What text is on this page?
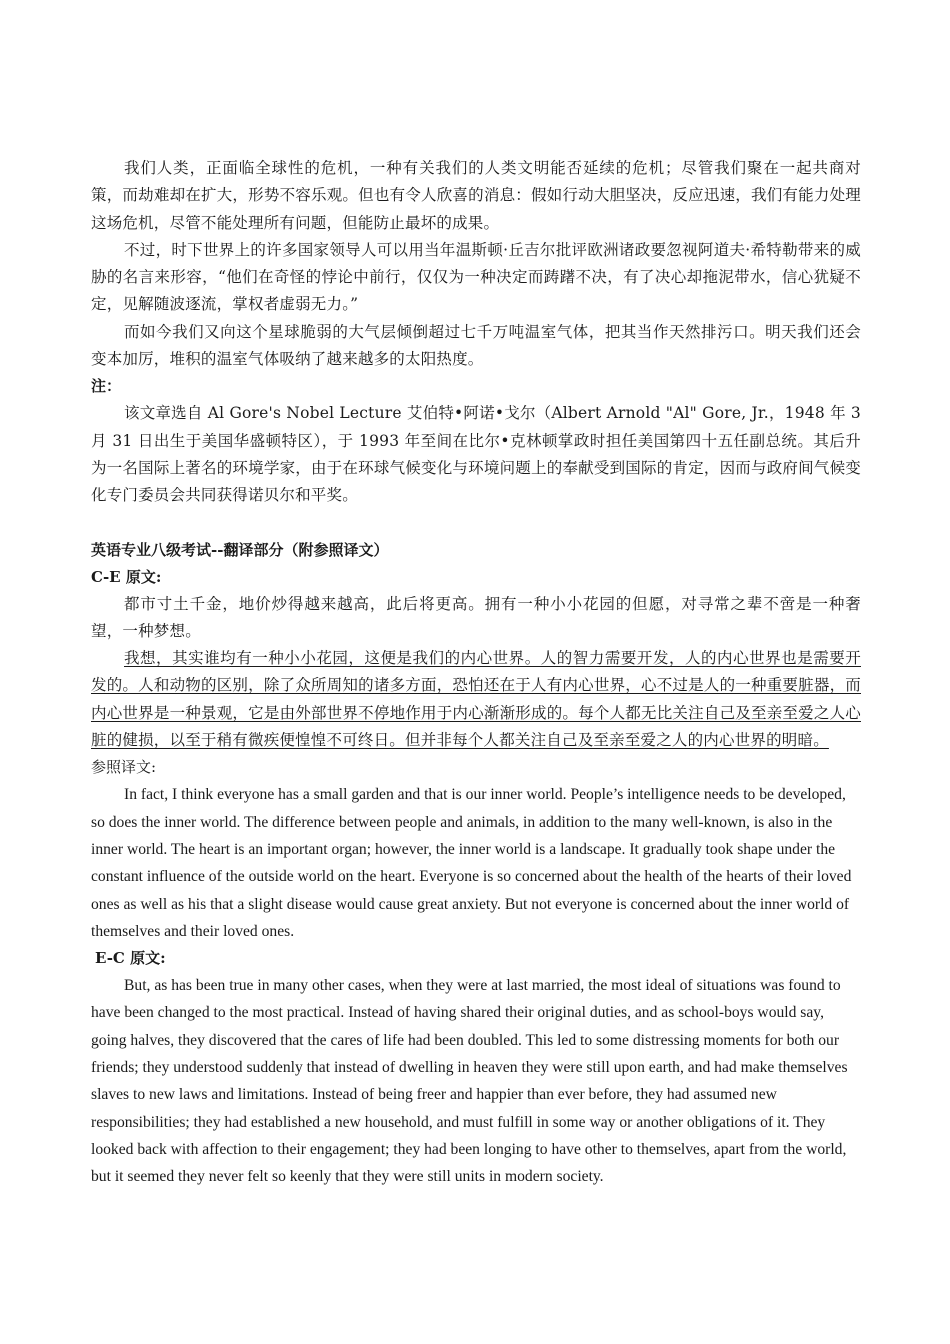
我们人类，正面临全球性的危机，一种有关我们的人类文明能否延续的危机；尽管我们聚在一起共商对策，而劫难却在扩大，形势不容乐观。但也有令人欣喜的消息：假如行动大胆坚决，反应迅速，我们有能力处理这场危机，尽管不能处理所有问题，但能防止最坏的成果。

不过，时下世界上的许多国家领导人可以用当年温斯顿·丘吉尔批评欧洲诸政要忽视阿道夫·希特勒带来的威胁的名言来形容，“他们在奇怪的悖论中前行，仅仅为一种决定而踌躇不决，有了决心却拖泥带水，信心犹疑不定，见解随波逐流，掌权者虚弱无力。”

而如今我们又向这个星球脆弱的大气层倾倒超过七千万吨温室气体，把其当作天然排污口。明天我们还会变本加厉，堆积的温室气体吸纳了越来越多的太阳热度。

注：

该文章选自 Al Gore's Nobel Lecture 艾伯特•阿诺•戈尔（Albert Arnold "Al" Gore, Jr.，1948 年 3 月 31 日出生于美国华盛顿特区），于 1993 年至间在比尔•克林顿掌政时担任美国第四十五任副总统。其后升为一名国际上著名的环境学家，由于在环球气候变化与环境问题上的奉献受到国际的肯定，因而与政府间气候变化专门委员会共同获得诺贝尔和平奖。

英语专业八级考试--翻译部分（附参照译文）

C-E 原文:

都市寸土千金，地价炒得越来越高，此后将更高。拥有一种小小花园的但愿，对寻常之辈不啻是一种奢望，一种梦想。

我想，其实谁均有一种小小花园，这便是我们的内心世界。人的智力需要开发，人的内心世界也是需要开发的。人和动物的区别，除了众所周知的诸多方面，恐怕还在于人有内心世界，心不过是人的一种重要脏器，而内心世界是一种景观，它是由外部世界不停地作用于内心渐渐形成的。每个人都无比关注自己及至亲至爱之人心脏的健损，以至于稍有微疾便惶惶不可终日。但并非每个人都关注自己及至亲至爱之人的内心世界的明暗。

参照译文:

In fact, I think everyone has a small garden and that is our inner world. People’s intelligence needs to be developed, so does the inner world. The difference between people and animals, in addition to the many well-known, is also in the inner world. The heart is an important organ; however, the inner world is a landscape. It gradually took shape under the constant influence of the outside world on the heart. Everyone is so concerned about the health of the hearts of their loved ones as well as his that a slight disease would cause great anxiety. But not everyone is concerned about the inner world of themselves and their loved ones.

E-C 原文:

But, as has been true in many other cases, when they were at last married, the most ideal of situations was found to have been changed to the most practical. Instead of having shared their original duties, and as school-boys would say, going halves, they discovered that the cares of life had been doubled. This led to some distressing moments for both our friends; they understood suddenly that instead of dwelling in heaven they were still upon earth, and had make themselves slaves to new laws and limitations. Instead of being freer and happier than ever before, they had assumed new responsibilities; they had established a new household, and must fulfill in some way or another obligations of it. They looked back with affection to their engagement; they had been longing to have other to themselves, apart from the world, but it seemed they never felt so keenly that they were still units in modern society.
